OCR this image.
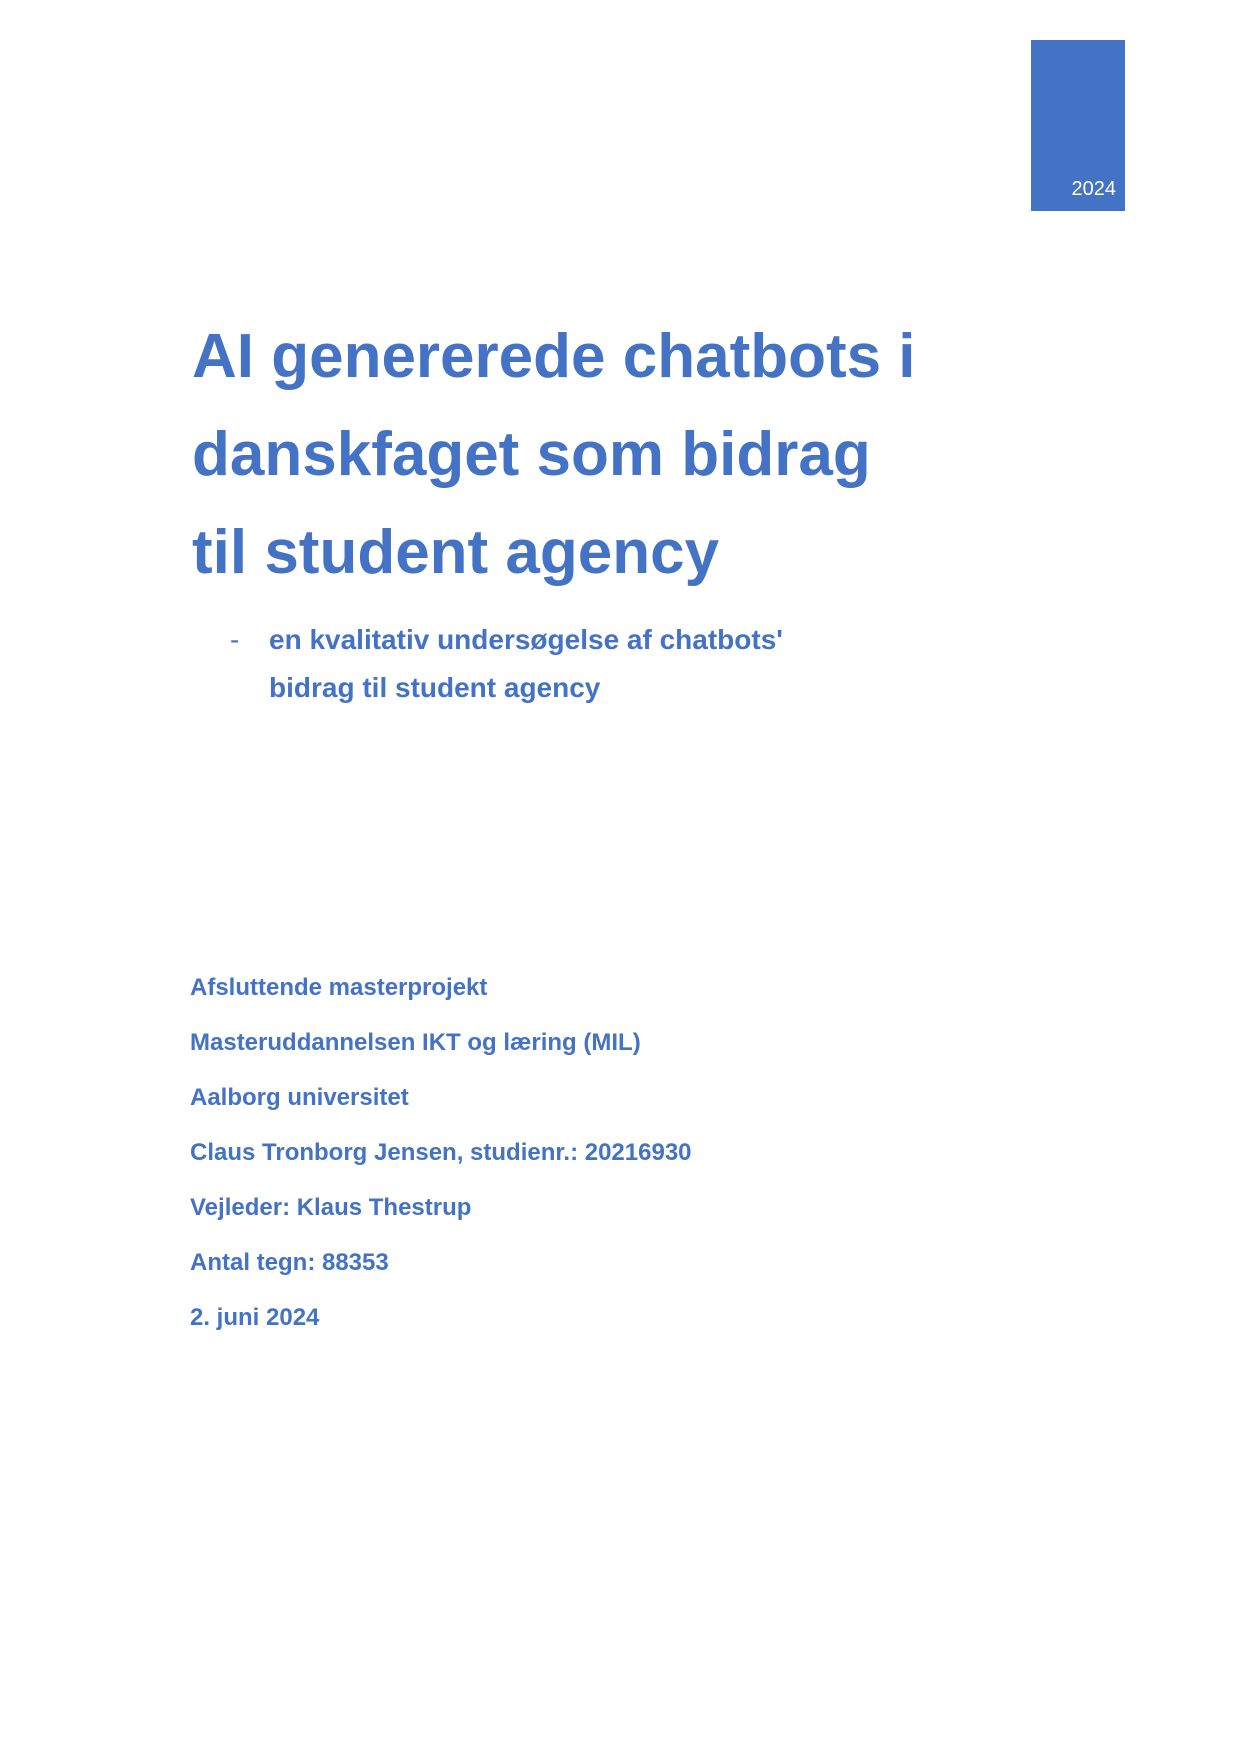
2024
AI genererede chatbots i
danskfaget som bidrag
til student agency
- en kvalitativ undersøgelse af chatbots'
bidrag til student agency
Afsluttende masterprojekt
Masteruddannelsen IKT og læring (MIL)
Aalborg universitet
Claus Tronborg Jensen, studienr.: 20216930
Vejleder: Klaus Thestrup
Antal tegn: 88353
2. juni 2024
